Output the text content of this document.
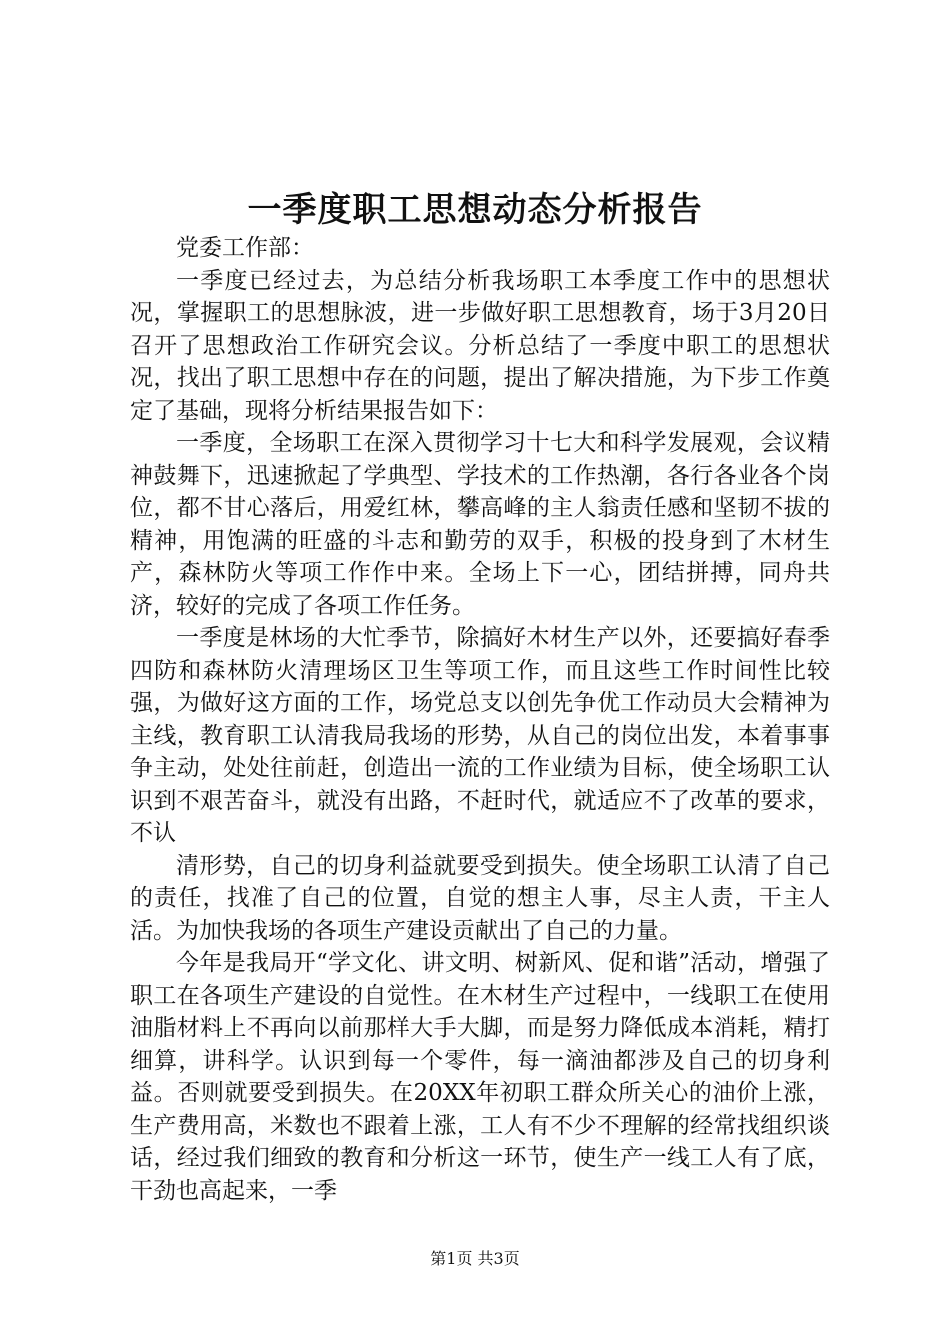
一季度职工思想动态分析报告

党委工作部：

一季度已经过去，为总结分析我场职工本季度工作中的思想状况，掌握职工的思想脉波，进一步做好职工思想教育，场于3月20日召开了思想政治工作研究会议。分析总结了一季度中职工的思想状况，找出了职工思想中存在的问题，提出了解决措施，为下步工作奠定了基础，现将分析结果报告如下：

一季度，全场职工在深入贯彻学习十七大和科学发展观，会议精神鼓舞下，迅速掀起了学典型、学技术的工作热潮，各行各业各个岗位，都不甘心落后，用爱红林，攀高峰的主人翁责任感和坚韧不拔的精神，用饱满的旺盛的斗志和勤劳的双手，积极的投身到了木材生产，森林防火等项工作作中来。全场上下一心，团结拼搏，同舟共济，较好的完成了各项工作任务。

一季度是林场的大忙季节，除搞好木材生产以外，还要搞好春季四防和森林防火清理场区卫生等项工作，而且这些工作时间性比较强，为做好这方面的工作，场党总支以创先争优工作动员大会精神为主线，教育职工认清我局我场的形势，从自己的岗位出发，本着事事争主动，处处往前赶，创造出一流的工作业绩为目标，使全场职工认识到不艰苦奋斗，就没有出路，不赶时代，就适应不了改革的要求，不认

清形势，自己的切身利益就要受到损失。使全场职工认清了自己的责任，找准了自己的位置，自觉的想主人事，尽主人责，干主人活。为加快我场的各项生产建设贡献出了自己的力量。

今年是我局开“学文化、讲文明、树新风、促和谐”活动，增强了职工在各项生产建设的自觉性。在木材生产过程中，一线职工在使用油脂材料上不再向以前那样大手大脚，而是努力降低成本消耗，精打细算，讲科学。认识到每一个零件，每一滴油都涉及自己的切身利益。否则就要受到损失。在20XX年初职工群众所关心的油价上涨，生产费用高，米数也不跟着上涨，工人有不少不理解的经常找组织谈话，经过我们细致的教育和分析这一环节，使生产一线工人有了底，干劲也高起来，一季

第1页 共3页
